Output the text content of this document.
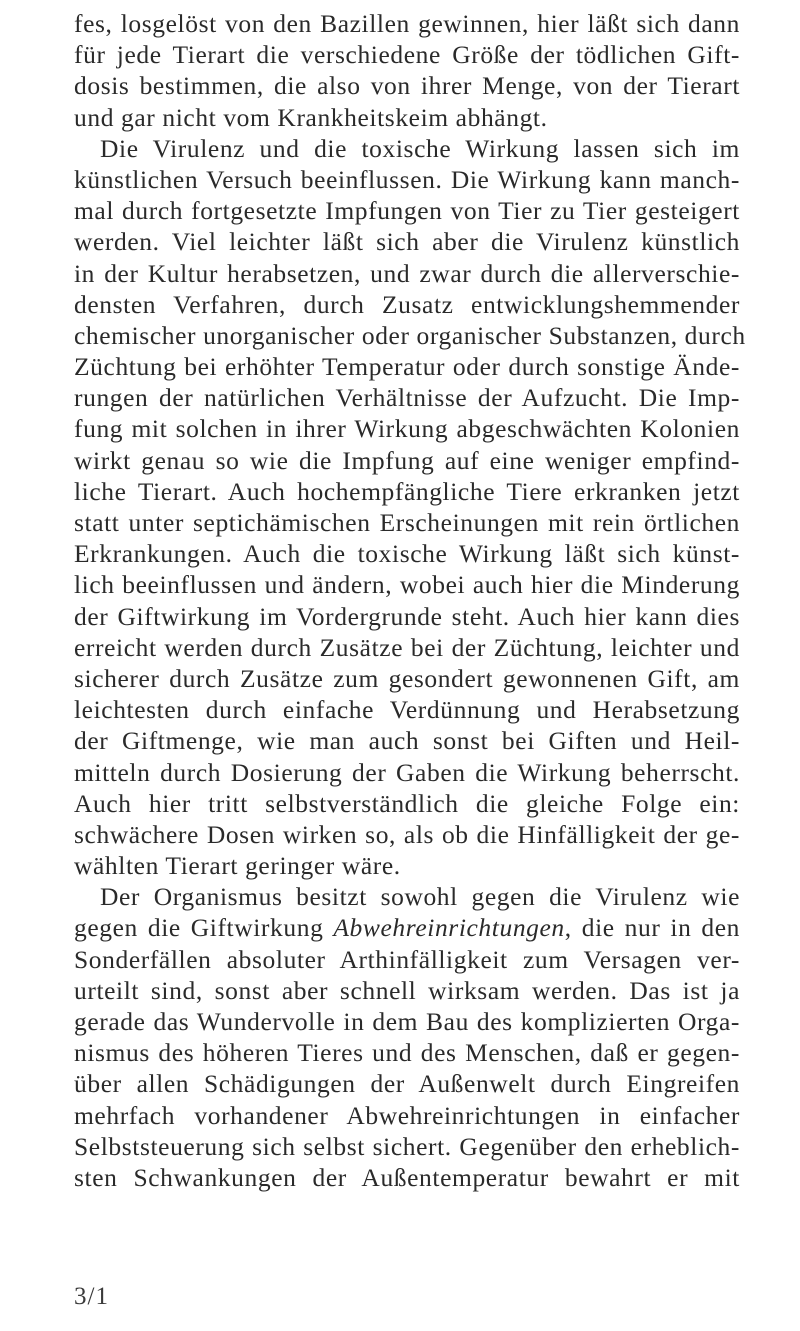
fes, losgelöst von den Bazillen gewinnen, hier läßt sich dann
für jede Tierart die verschiedene Größe der tödlichen Gift-
dosis bestimmen, die also von ihrer Menge, von der Tierart
und gar nicht vom Krankheitskeim abhängt.
Die Virulenz und die toxische Wirkung lassen sich im
künstlichen Versuch beeinflussen. Die Wirkung kann manch-
mal durch fortgesetzte Impfungen von Tier zu Tier gesteigert
werden. Viel leichter läßt sich aber die Virulenz künstlich
in der Kultur herabsetzen, und zwar durch die allerverschie-
densten Verfahren, durch Zusatz entwicklungshemmender
chemischer unorganischer oder organischer Substanzen, durch
Züchtung bei erhöhter Temperatur oder durch sonstige Ände-
rungen der natürlichen Verhältnisse der Aufzucht. Die Imp-
fung mit solchen in ihrer Wirkung abgeschwächten Kolonien
wirkt genau so wie die Impfung auf eine weniger empfind-
liche Tierart. Auch hochempfängliche Tiere erkranken jetzt
statt unter septichämischen Erscheinungen mit rein örtlichen
Erkrankungen. Auch die toxische Wirkung läßt sich künst-
lich beeinflussen und ändern, wobei auch hier die Minderung
der Giftwirkung im Vordergrunde steht. Auch hier kann dies
erreicht werden durch Zusätze bei der Züchtung, leichter und
sicherer durch Zusätze zum gesondert gewonnenen Gift, am
leichtesten durch einfache Verdünnung und Herabsetzung
der Giftmenge, wie man auch sonst bei Giften und Heil-
mitteln durch Dosierung der Gaben die Wirkung beherrscht.
Auch hier tritt selbstverständlich die gleiche Folge ein:
schwächere Dosen wirken so, als ob die Hinfälligkeit der ge-
wählten Tierart geringer wäre.
Der Organismus besitzt sowohl gegen die Virulenz wie
gegen die Giftwirkung Abwehreinrichtungen, die nur in den
Sonderfällen absoluter Arthinfälligkeit zum Versagen ver-
urteilt sind, sonst aber schnell wirksam werden. Das ist ja
gerade das Wundervolle in dem Bau des komplizierten Orga-
nismus des höheren Tieres und des Menschen, daß er gegen-
über allen Schädigungen der Außenwelt durch Eingreifen
mehrfach vorhandener Abwehreinrichtungen in einfacher
Selbststeuerung sich selbst sichert. Gegenüber den erheblich-
sten Schwankungen der Außentemperatur bewahrt er mit
3/1
